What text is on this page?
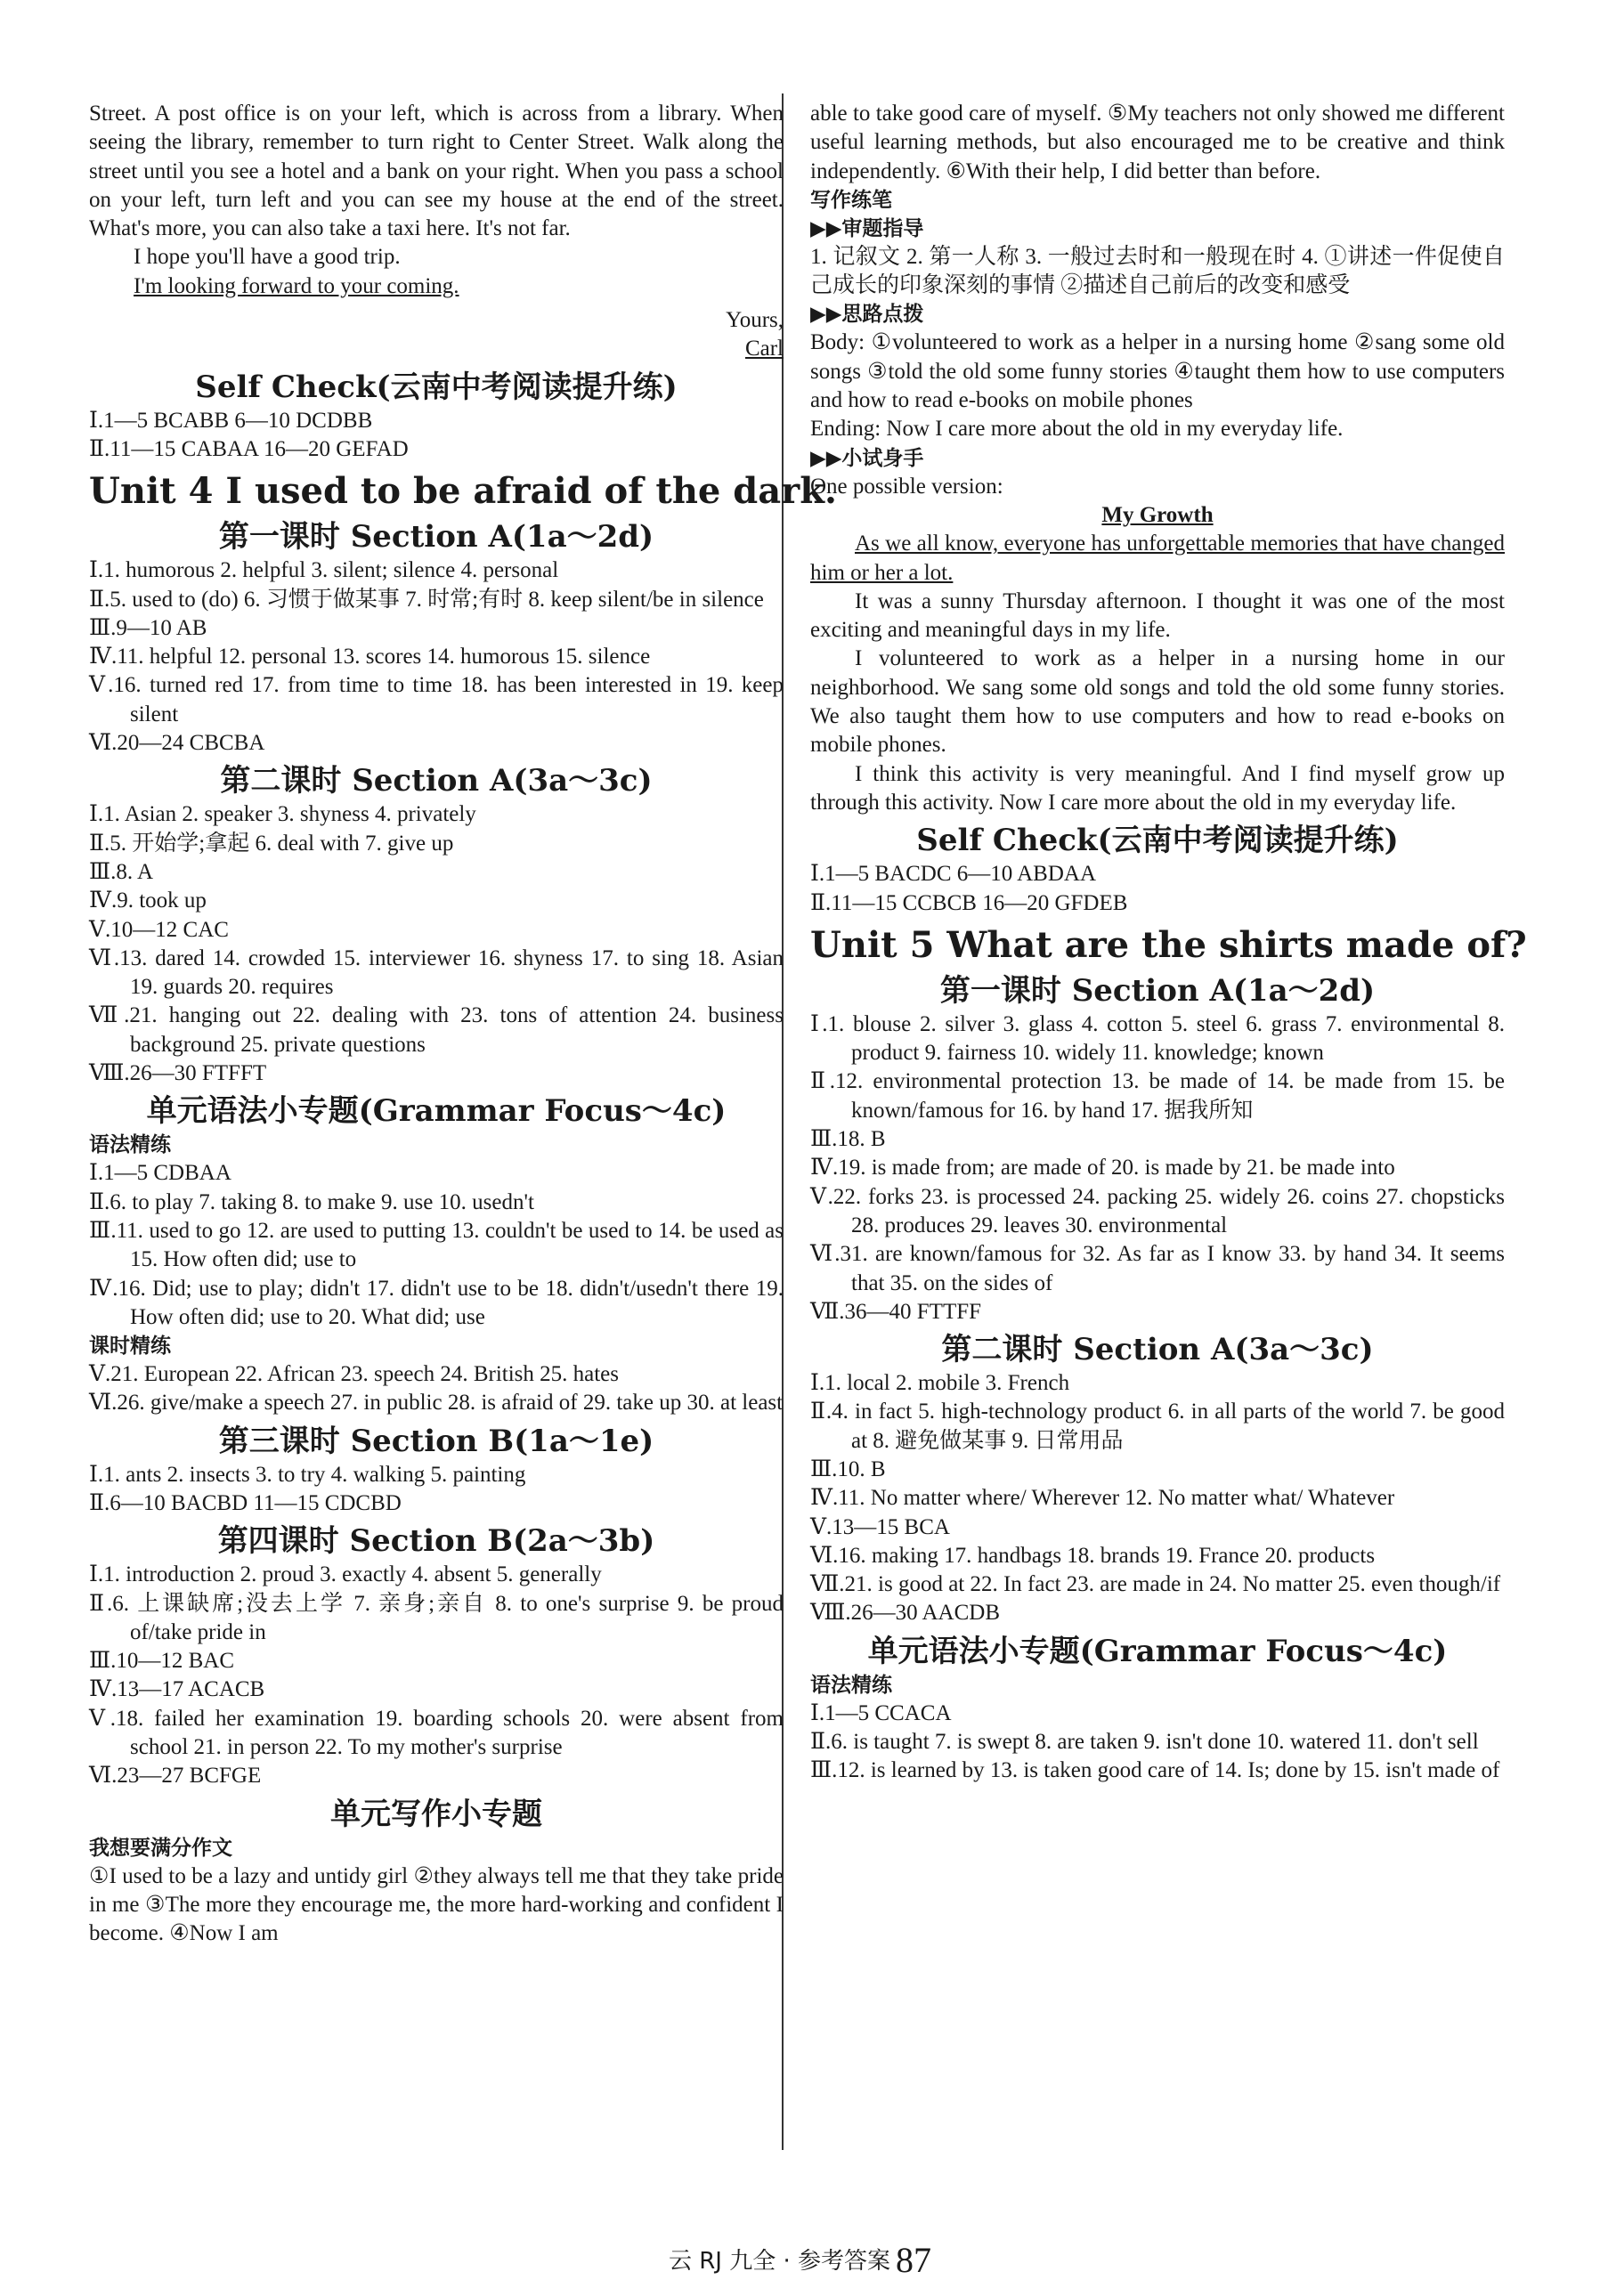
Street. A post office is on your left, which is across from a library. When seeing the library, remember to turn right to Center Street. Walk along the street until you see a hotel and a bank on your right. When you pass a school on your left, turn left and you can see my house at the end of the street. What's more, you can also take a taxi here. It's not far.

I hope you'll have a good trip.

I'm looking forward to your coming.

Yours,

Carl

Self Check(云南中考阅读提升练)

Ⅰ.1—5 BCABB 6—10 DCDBB

Ⅱ.11—15 CABAA 16—20 GEFAD

Unit 4 I used to be afraid of the dark.
第一课时 Section A(1a～2d)

Ⅰ.1. humorous 2. helpful 3. silent; silence 4. personal

Ⅱ.5. used to (do) 6. 习惯于做某事 7. 时常;有时 8. keep silent/be in silence

Ⅲ.9—10 AB

Ⅳ.11. helpful 12. personal 13. scores 14. humorous 15. silence

Ⅴ.16. turned red 17. from time to time 18. has been interested in 19. keep silent

Ⅵ.20—24 CBCBA

第二课时 Section A(3a～3c)

Ⅰ.1. Asian 2. speaker 3. shyness 4. privately

Ⅱ.5. 开始学;拿起 6. deal with 7. give up

Ⅲ.8. A

Ⅳ.9. took up

Ⅴ.10—12 CAC

Ⅵ.13. dared 14. crowded 15. interviewer 16. shyness 17. to sing 18. Asian 19. guards 20. requires

Ⅶ.21. hanging out 22. dealing with 23. tons of attention 24. business background 25. private questions

Ⅷ.26—30 FTFFT

单元语法小专题(Grammar Focus～4c)
语法精练

Ⅰ.1—5 CDBAA

Ⅱ.6. to play 7. taking 8. to make 9. use 10. usedn't

Ⅲ.11. used to go 12. are used to putting 13. couldn't be used to 14. be used as 15. How often did; use to

Ⅳ.16. Did; use to play; didn't 17. didn't use to be 18. didn't/usedn't there 19. How often did; use to 20. What did; use

课时精练

Ⅴ.21. European 22. African 23. speech 24. British 25. hates

Ⅵ.26. give/make a speech 27. in public 28. is afraid of 29. take up 30. at least

第三课时 Section B(1a～1e)

Ⅰ.1. ants 2. insects 3. to try 4. walking 5. painting

Ⅱ.6—10 BACBD 11—15 CDCBD

第四课时 Section B(2a～3b)

Ⅰ.1. introduction 2. proud 3. exactly 4. absent 5. generally

Ⅱ.6. 上课缺席;没去上学 7. 亲身;亲自 8. to one's surprise 9. be proud of/take pride in

Ⅲ.10—12 BAC

Ⅳ.13—17 ACACB

Ⅴ.18. failed her examination 19. boarding schools 20. were absent from school 21. in person 22. To my mother's surprise

Ⅵ.23—27 BCFGE

单元写作小专题
我想要满分作文

①I used to be a lazy and untidy girl ②they always tell me that they take pride in me ③The more they encourage me, the more hard-working and confident I become. ④Now I am

able to take good care of myself. ⑤My teachers not only showed me different useful learning methods, but also encouraged me to be creative and think independently. ⑥With their help, I did better than before.

写作练笔
▶▶审题指导

1. 记叙文 2. 第一人称 3. 一般过去时和一般现在时 4. ①讲述一件促使自己成长的印象深刻的事情 ②描述自己前后的改变和感受

▶▶思路点拨

Body: ①volunteered to work as a helper in a nursing home ②sang some old songs ③told the old some funny stories ④taught them how to use computers and how to read e-books on mobile phones

Ending: Now I care more about the old in my everyday life.

▶▶小试身手

One possible version:

My Growth

As we all know, everyone has unforgettable memories that have changed him or her a lot.

It was a sunny Thursday afternoon. I thought it was one of the most exciting and meaningful days in my life.

I volunteered to work as a helper in a nursing home in our neighborhood. We sang some old songs and told the old some funny stories. We also taught them how to use computers and how to read e-books on mobile phones.

I think this activity is very meaningful. And I find myself grow up through this activity. Now I care more about the old in my everyday life.

Self Check(云南中考阅读提升练)

Ⅰ.1—5 BACDC 6—10 ABDAA

Ⅱ.11—15 CCBCB 16—20 GFDEB

Unit 5 What are the shirts made of?
第一课时 Section A(1a～2d)

Ⅰ.1. blouse 2. silver 3. glass 4. cotton 5. steel 6. grass 7. environmental 8. product 9. fairness 10. widely 11. knowledge; known

Ⅱ.12. environmental protection 13. be made of 14. be made from 15. be known/famous for 16. by hand 17. 据我所知

Ⅲ.18. B

Ⅳ.19. is made from; are made of 20. is made by 21. be made into

Ⅴ.22. forks 23. is processed 24. packing 25. widely 26. coins 27. chopsticks 28. produces 29. leaves 30. environmental

Ⅵ.31. are known/famous for 32. As far as I know 33. by hand 34. It seems that 35. on the sides of

Ⅶ.36—40 FTTFF

第二课时 Section A(3a～3c)

Ⅰ.1. local 2. mobile 3. French

Ⅱ.4. in fact 5. high-technology product 6. in all parts of the world 7. be good at 8. 避免做某事 9. 日常用品

Ⅲ.10. B

Ⅳ.11. No matter where/ Wherever 12. No matter what/ Whatever

Ⅴ.13—15 BCA

Ⅵ.16. making 17. handbags 18. brands 19. France 20. products

Ⅶ.21. is good at 22. In fact 23. are made in 24. No matter 25. even though/if

Ⅷ.26—30 AACDB

单元语法小专题(Grammar Focus～4c)
语法精练

Ⅰ.1—5 CCACA

Ⅱ.6. is taught 7. is swept 8. are taken 9. isn't done 10. watered 11. don't sell

Ⅲ.12. is learned by 13. is taken good care of 14. Is; done by 15. isn't made of

云 RJ 九全 · 参考答案 87
